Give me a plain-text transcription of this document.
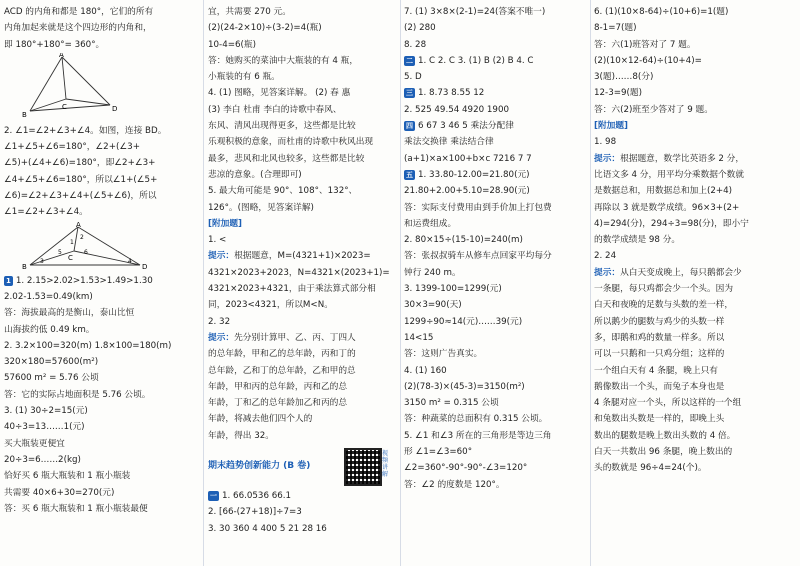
ACD 的内角和都是 180°，它们的所有
内角加起来就是这个四边形的内角和，
即 180°+180°= 360°。
A
B
C	D
2. ∠1=∠2+∠3+∠4。如图，连接 BD。
∠1+∠5+∠6=180°，∠2+(∠3+
∠5)+(∠4+∠6)=180°，即∠2+∠3+
∠4+∠5+∠6=180°，所以∠1+(∠5+
∠6)=∠2+∠3+∠4+(∠5+∠6)，所以
∠1=∠2+∠3+∠4。
A
B
C
D
1
2
3	4
5	6
1 1. 2.15>2.02>1.53>1.49>1.30
2.02-1.53=0.49(km)
答：海拔最高的是衡山，泰山比恒
山海拔约低 0.49 km。
2. 3.2×100=320(m) 1.8×100=180(m)
320×180=57600(m²)
57600 m² = 5.76 公顷
答：它的实际占地面积是 5.76 公顷。
3. (1) 30÷2=15(元)
40÷3=13……1(元)
买大瓶装更便宜
20÷3=6……2(kg)
恰好买 6 瓶大瓶装和 1 瓶小瓶装
共需要 40×6+30=270(元)
答：买 6 瓶大瓶装和 1 瓶小瓶装最便
宜，共需要 270 元。
(2)(24-2×10)÷(3-2)=4(瓶)
10-4=6(瓶)
答：她购买的菜油中大瓶装的有 4 瓶，
小瓶装的有 6 瓶。
4. (1) 图略，见答案详解。 (2) 春 惠
(3) 李白 杜甫 李白的诗歌中春风、
东风、清风出现得更多，这些都是比较
乐观积极的意象，而杜甫的诗歌中秋风出现
最多，悲风和北风也较多，这些都是比较
悲凉的意象。(合理即可)
5. 最大角可能是 90°、108°、132°、
126°。(图略，见答案详解)
[附加题]
1. <
提示：根据题意，M=(4321+1)×2023=
4321×2023+2023，N=4321×(2023+1)=
4321×2023+4321，由于乘法算式部分相
同，2023<4321，所以M<N。
2. 32
提示：先分别计算甲、乙、丙、丁四人
的总年龄，甲和乙的总年龄，丙和丁的
总年龄，乙和丁的总年龄，乙和甲的总
年龄，甲和丙的总年龄，丙和乙的总
年龄，丁和乙的总年龄加乙和丙的总
年龄，将减去他们四个人的
年龄，得出 32。
期末趋势创新能力 (B 卷)
视频讲解
一 1. 66.0536 66.1
2. [66-(27+18)]÷7=3
3. 30 360 4 400 5 21 28 16
7. (1) 3×8×(2-1)=24(答案不唯一)
(2) 280
8. 28
二 1. C 2. C 3. (1) B (2) B 4. C
5. D
三 1. 8.73 8.55 12
2. 525 49.54 4920 1900
四 6 67 3 46 5 乘法分配律
乘法交换律 乘法结合律
(a+1)×a×100+b×c 7216 7 7
五 1. 33.80-12.00=21.80(元)
21.80+2.00+5.10=28.90(元)
答：实际支付费用由到手价加上打包费
和运费组成。
2. 80×15÷(15-10)=240(m)
答：张叔叔骑车从修车点回家平均每分
钟行 240 m。
3. 1399-100=1299(元)
30×3=90(天)
1299÷90≈14(元)……39(元)
14<15
答：这则广告真实。
4. (1) 160
(2)(78-3)×(45-3)=3150(m²)
3150 m² = 0.315 公顷
答：种蔬菜的总面积有 0.315 公顷。
5. ∠1 和∠3 所在的三角形是等边三角
形 ∠1=∠3=60°
∠2=360°-90°-90°-∠3=120°
答：∠2 的度数是 120°。
6. (1)(10×8-64)÷(10+6)=1(题)
8-1=7(题)
答：六(1)班答对了 7 题。
(2)(10×12-64)÷(10+4)=
3(题)……8(分)
12-3=9(题)
答：六(2)班至少答对了 9 题。
[附加题]
1. 98
提示：根据题意，数学比英语多 2 分，
比语文多 4 分，用平均分乘数据个数就
是数据总和，用数据总和加上(2+4)
再除以 3 就是数学成绩。96×3+(2+
4)=294(分)，294÷3=98(分)，即小宁
的数学成绩是 98 分。
2. 24
提示：从白天变成晚上，每只鹅都会少
一条腿，每只鸡都会少一个头。因为
白天和夜晚的足数与头数的差一样，
所以鹅少的腿数与鸡少的头数一样
多，即鹅和鸡的数量一样多。所以
可以一只鹅和一只鸡分组；这样的
一个组白天有 4 条腿，晚上只有
鹅像数出一个头，而兔子本身也是
4 条腿对应一个头，所以这样的一个组
和兔数出头数是一样的，即晚上头
数出的腿数是晚上数出头数的 4 倍。
白天一共数出 96 条腿，晚上数出的
头的数就是 96÷4=24(个)。
